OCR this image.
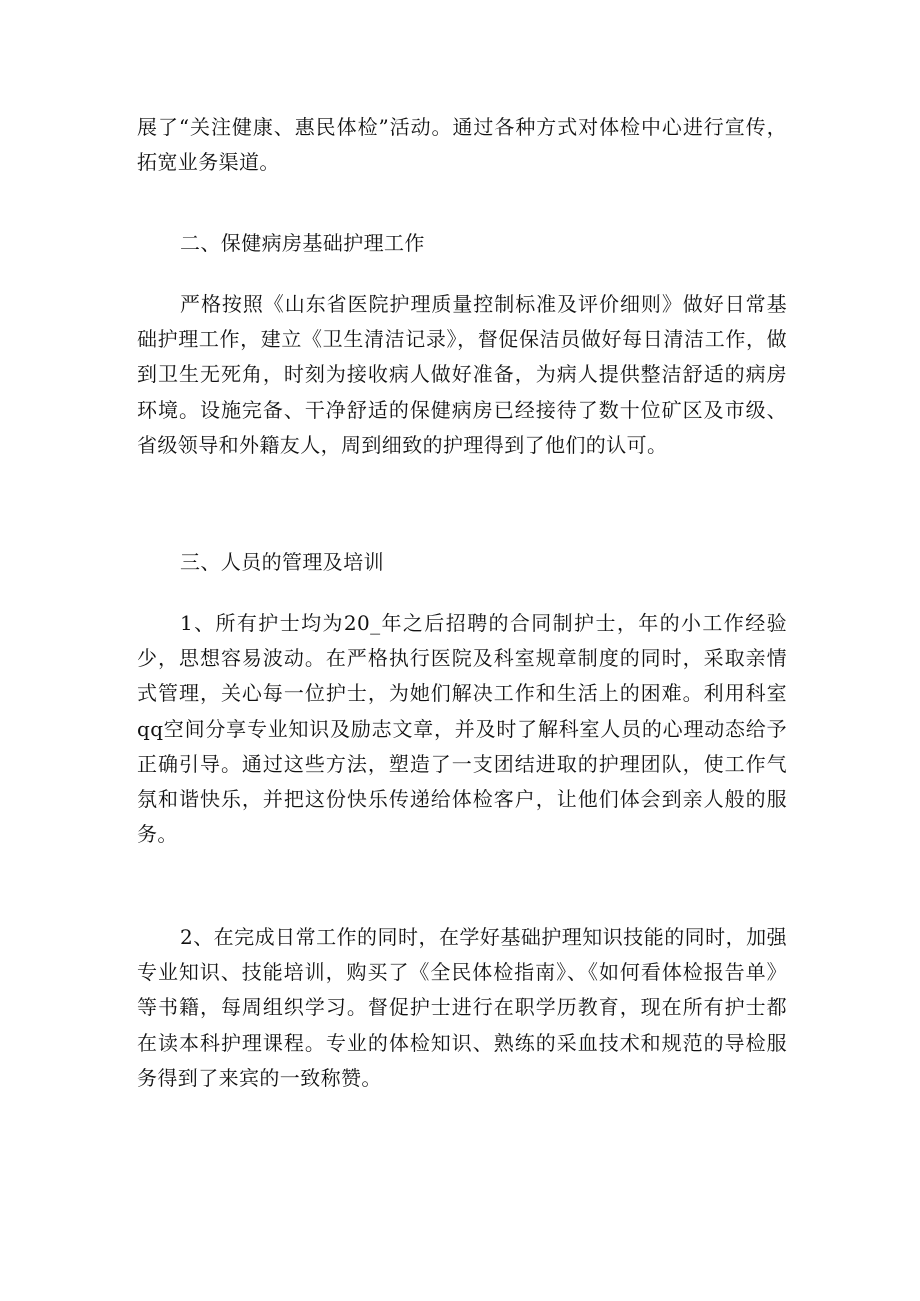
展了“关注健康、惠民体检”活动。通过各种方式对体检中心进行宣传，拓宽业务渠道。

二、保健病房基础护理工作

严格按照《山东省医院护理质量控制标准及评价细则》做好日常基础护理工作，建立《卫生清洁记录》，督促保洁员做好每日清洁工作，做到卫生无死角，时刻为接收病人做好准备，为病人提供整洁舒适的病房环境。设施完备、干净舒适的保健病房已经接待了数十位矿区及市级、省级领导和外籍友人，周到细致的护理得到了他们的认可。

三、人员的管理及培训

1、所有护士均为20_年之后招聘的合同制护士，年的小工作经验少，思想容易波动。在严格执行医院及科室规章制度的同时，采取亲情式管理，关心每一位护士，为她们解决工作和生活上的困难。利用科室qq空间分享专业知识及励志文章，并及时了解科室人员的心理动态给予正确引导。通过这些方法，塑造了一支团结进取的护理团队，使工作气氛和谐快乐，并把这份快乐传递给体检客户，让他们体会到亲人般的服务。

2、在完成日常工作的同时，在学好基础护理知识技能的同时，加强专业知识、技能培训，购买了《全民体检指南》、《如何看体检报告单》等书籍，每周组织学习。督促护士进行在职学历教育，现在所有护士都在读本科护理课程。专业的体检知识、熟练的采血技术和规范的导检服务得到了来宾的一致称赞。
